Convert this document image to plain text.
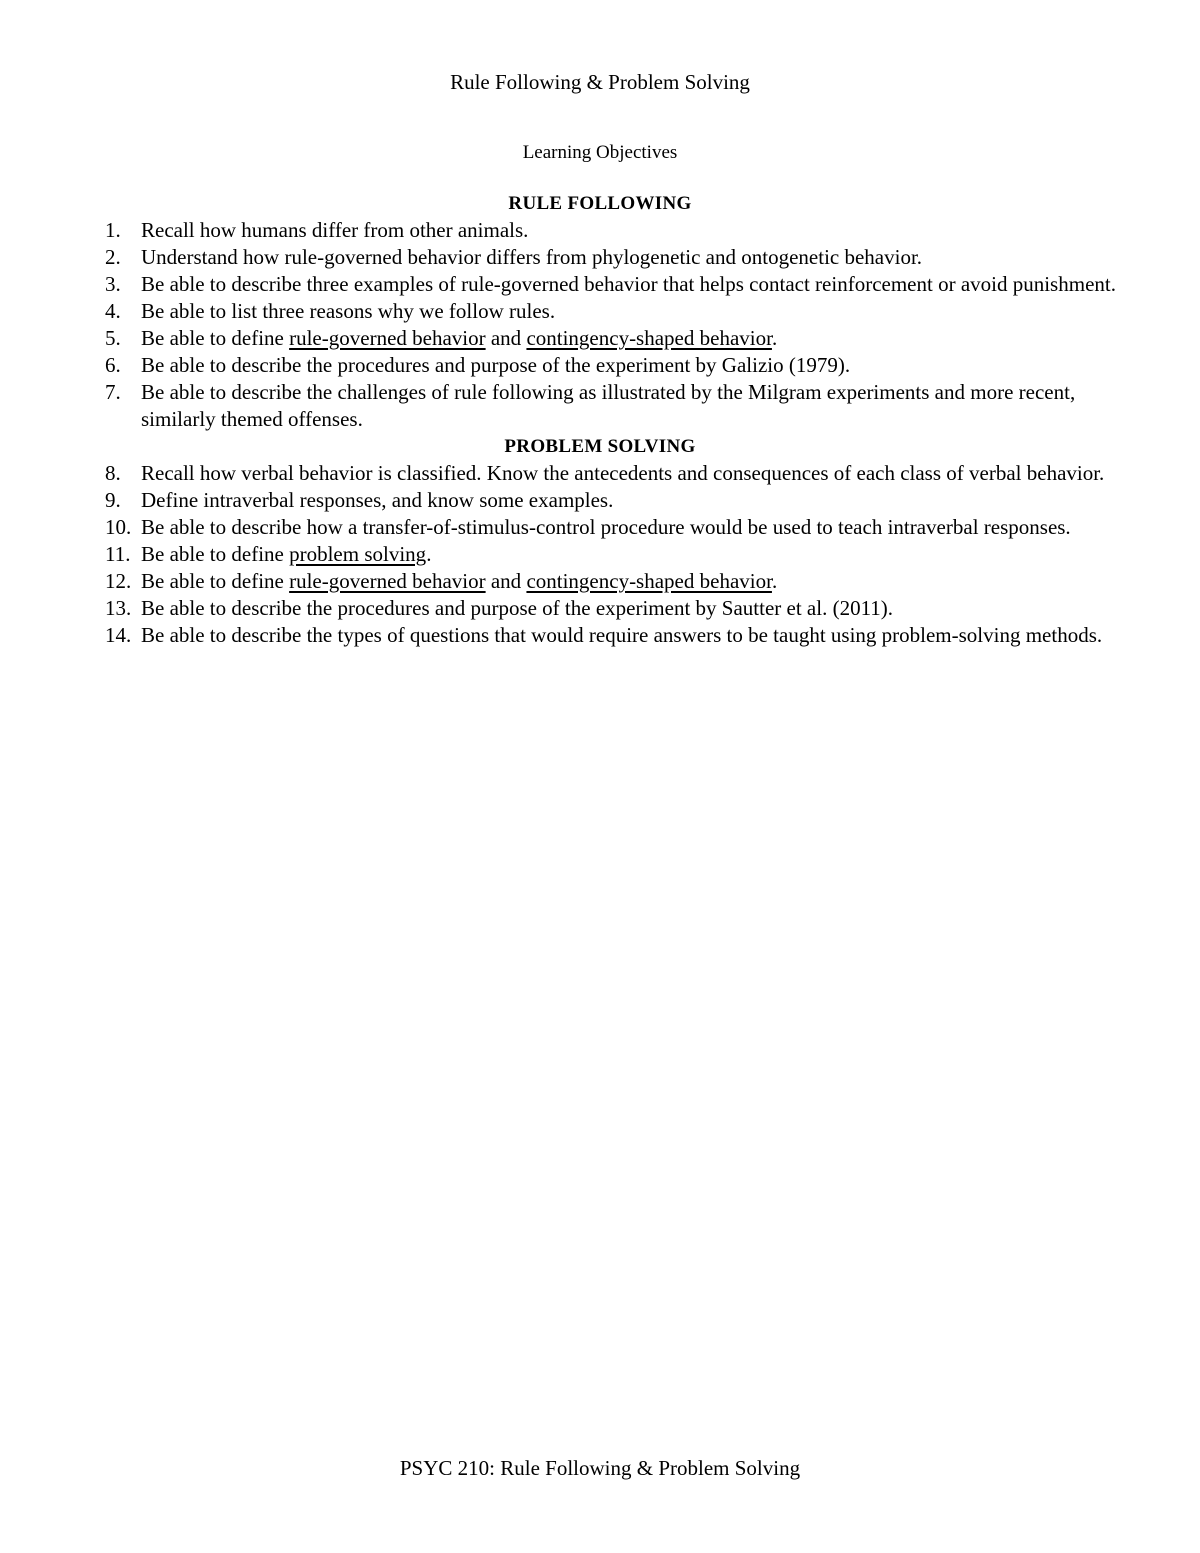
Rule Following & Problem Solving
Learning Objectives
RULE FOLLOWING
1. Recall how humans differ from other animals.
2. Understand how rule-governed behavior differs from phylogenetic and ontogenetic behavior.
3. Be able to describe three examples of rule-governed behavior that helps contact reinforcement or avoid punishment.
4. Be able to list three reasons why we follow rules.
5. Be able to define rule-governed behavior and contingency-shaped behavior.
6. Be able to describe the procedures and purpose of the experiment by Galizio (1979).
7. Be able to describe the challenges of rule following as illustrated by the Milgram experiments and more recent, similarly themed offenses.
PROBLEM SOLVING
8. Recall how verbal behavior is classified. Know the antecedents and consequences of each class of verbal behavior.
9. Define intraverbal responses, and know some examples.
10. Be able to describe how a transfer-of-stimulus-control procedure would be used to teach intraverbal responses.
11. Be able to define problem solving.
12. Be able to define rule-governed behavior and contingency-shaped behavior.
13. Be able to describe the procedures and purpose of the experiment by Sautter et al. (2011).
14. Be able to describe the types of questions that would require answers to be taught using problem-solving methods.
PSYC 210: Rule Following & Problem Solving
